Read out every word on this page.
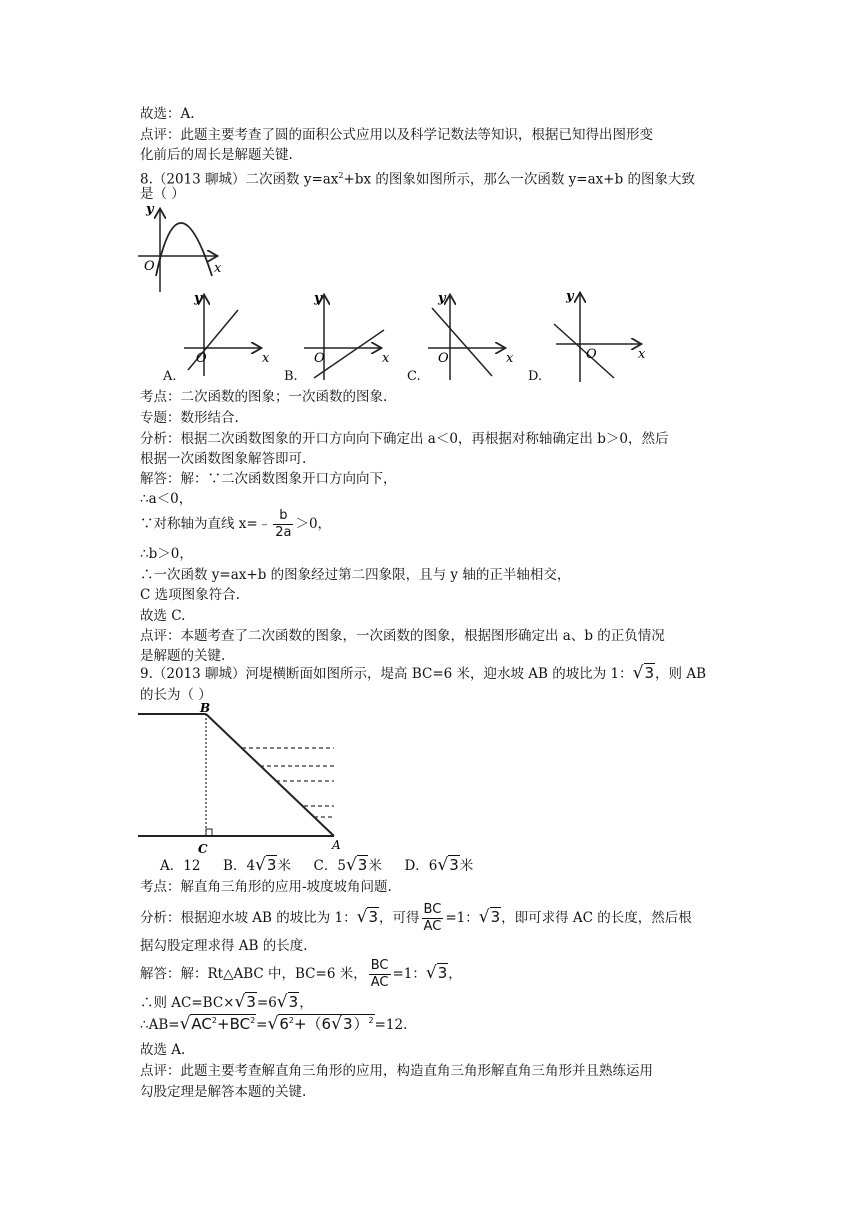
故选：A.
点评：此题主要考查了圆的面积公式应用以及科学记数法等知识，根据已知得出图形变
化前后的周长是解题关键.
8.（2013 聊城）二次函数 $y=ax^2+bx$ 的图象如图所示，那么一次函数 y=ax+b 的图象大致
是（ ）
y
x
O
y
x
O
y
x
O
y
x
O
y
x
O
A.	B.	C.	D.
考点：二次函数的图象；一次函数的图象.
专题：数形结合.
分析：根据二次函数图象的开口方向向下确定出 a＜0，再根据对称轴确定出 b＞0，然后
根据一次函数图象解答即可.
解答：解：∵二次函数图象开口方向向下，
∴a＜0，
∵对称轴为直线 x=﹣ $\frac{b}{2a} >0$，
∴b＞0，
∴一次函数 y=ax+b 的图象经过第二四象限，且与 y 轴的正半轴相交，
C 选项图象符合.
故选 C.
点评：本题考查了二次函数的图象，一次函数的图象，根据图形确定出 a、b 的正负情况
是解题的关键.
9.（2013 聊城）河堤横断面如图所示，堤高 BC=6 米，迎水坡 AB 的坡比为 1：√3，则 AB
的长为（ ）
B
C	A
A．12 B．4√3米 C．5√3米 D．6√3米
考点：解直角三角形的应用-坡度坡角问题.
分析：根据迎水坡 AB 的坡比为 1：√3，可得 $\frac{BC}{AC} =1$：√3，即可求得 AC 的长度，然后根
据勾股定理求得 AB 的长度.
解答：解：Rt△ABC 中，BC=6 米， $\frac{BC}{AC} =1$：√3，
∴则 AC=BC×√3=6√3，
$\therefore AB=√AC^2+BC^2=√6^2+(6√3)^2=12$.
故选 A.
点评：此题主要考查解直角三角形的应用，构造直角三角形解直角三角形并且熟练运用
勾股定理是解答本题的关键.
